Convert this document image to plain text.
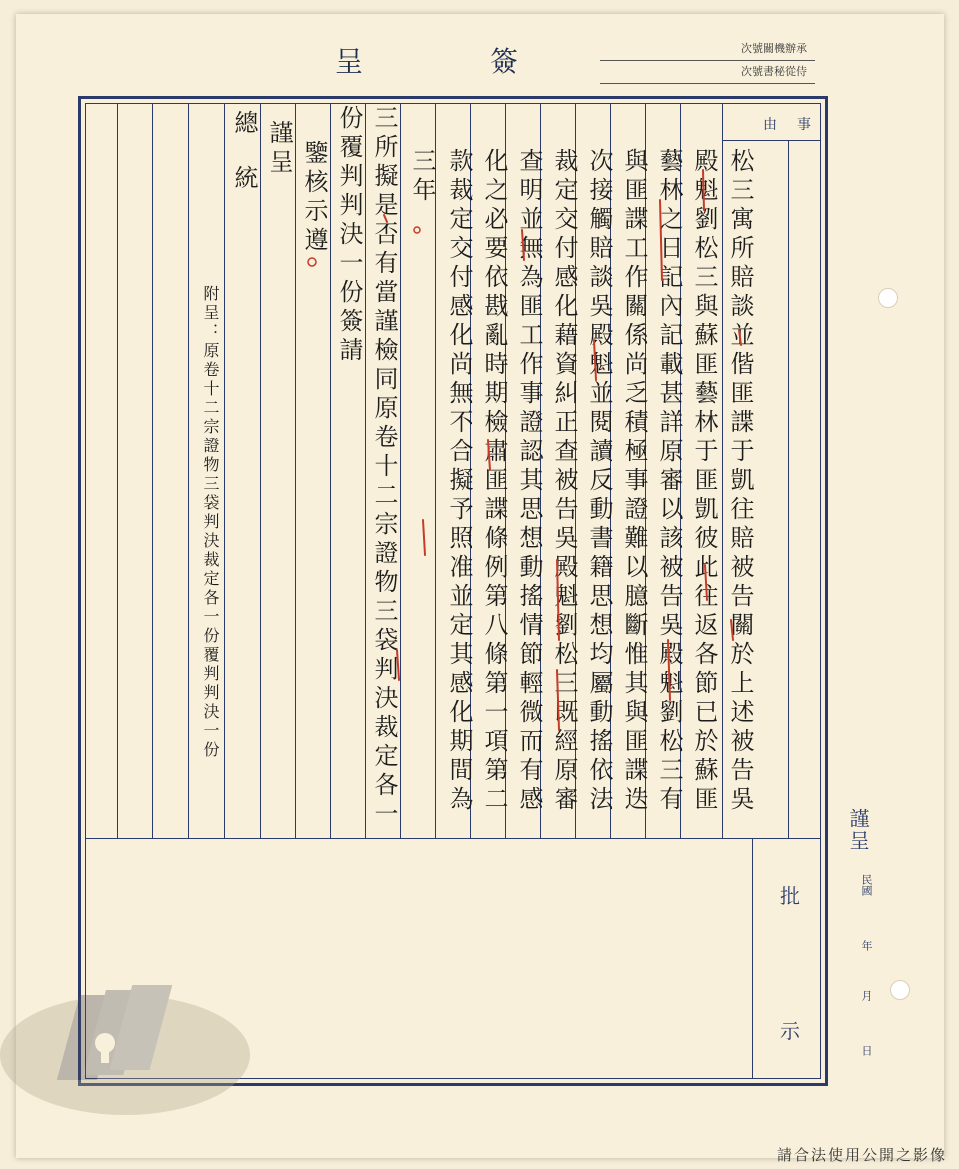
呈	簽	次號關機辦承
次號書秘從侍
事
由
松三寓所賠談並偕匪諜于凱往賠被告關於上述被告吳
殿魁劉松三與蘇匪藝林于匪凱彼此往返各節已於蘇匪
藝林之日記內記載甚詳原審以該被告吳殿魁劉松三有
與匪諜工作關係尚乏積極事證難以臆斷惟其與匪諜迭
次接觸賠談吳殿魁並閱讀反動書籍思想均屬動搖依法
裁定交付感化藉資糾正查被告吳殿魁劉松三既經原審
查明並無為匪工作事證認其思想動搖情節輕微而有感
化之必要依戡亂時期檢肅匪諜條例第八條第一項第二
款裁定交付感化尚無不合擬予照准並定其感化期間為
三年
三所擬是否有當謹檢同原卷十二宗證物三袋判決裁定各一
份覆判判決一份簽請
鑒核示遵
謹呈
總
統
附呈：原卷十二宗證物三袋判決裁定各一份覆判判決一份
批
示
謹呈
民國
年
月
日
請合法使用公開之影像
